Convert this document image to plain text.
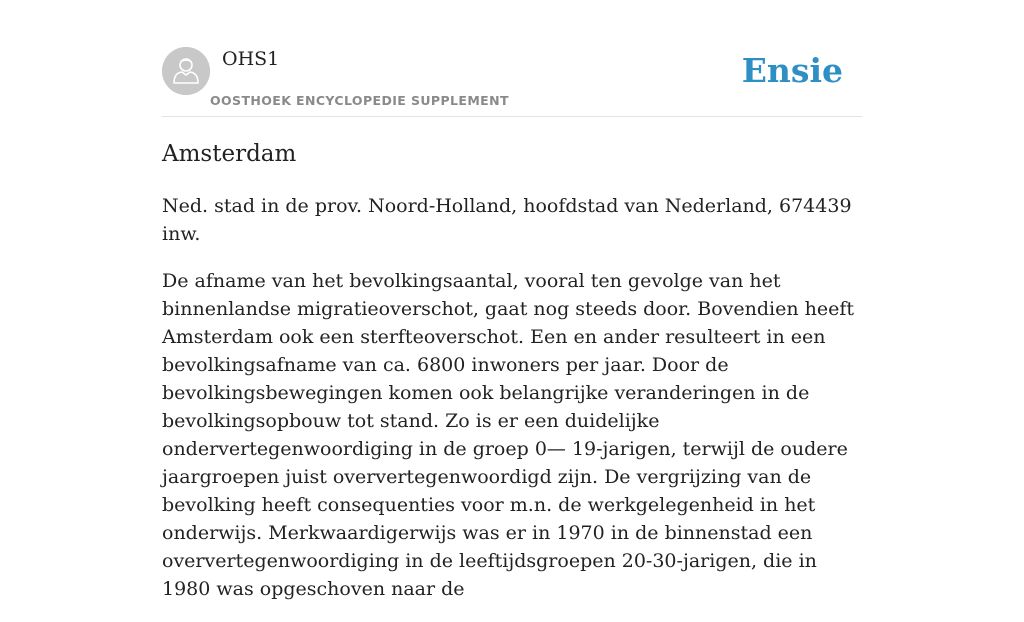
OHS1
OOSTHOEK ENCYCLOPEDIE SUPPLEMENT
Ensie
Amsterdam

Ned. stad in de prov. Noord-Holland, hoofdstad van Nederland, 674439 inw.

De afname van het bevolkingsaantal, vooral ten gevolge van het binnenlandse migratieoverschot, gaat nog steeds door. Bovendien heeft Amsterdam ook een sterfteoverschot. Een en ander resulteert in een bevolkingsafname van ca. 6800 inwoners per jaar. Door de bevolkingsbewegingen komen ook belangrijke veranderingen in de bevolkingsopbouw tot stand. Zo is er een duidelijke ondervertegenwoordiging in de groep 0— 19-jarigen, terwijl de oudere jaargroepen juist oververtegenwoordigd zijn. De vergrijzing van de bevolking heeft consequenties voor m.n. de werkgelegenheid in het onderwijs. Merkwaardigerwijs was er in 1970 in de binnenstad een oververtegenwoordiging in de leeftijdsgroepen 20-30-jarigen, die in 1980 was opgeschoven naar de
